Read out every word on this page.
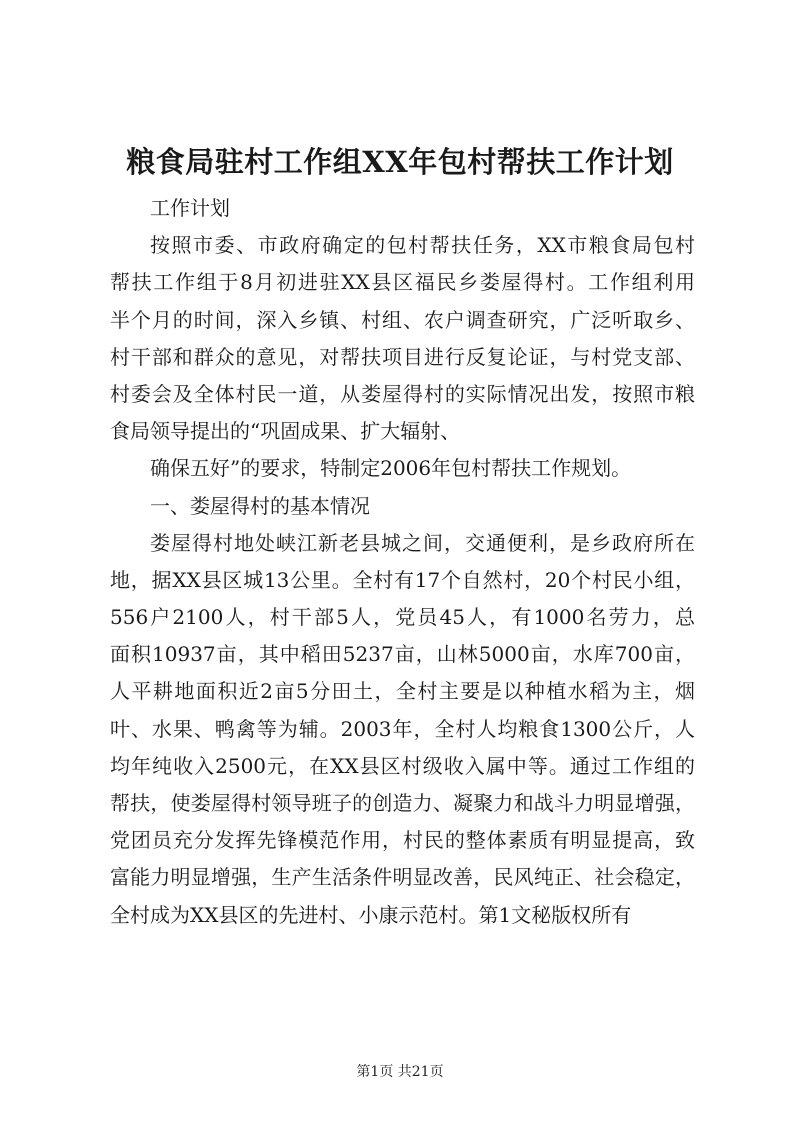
粮食局驻村工作组XX年包村帮扶工作计划
工作计划
按照市委、市政府确定的包村帮扶任务，XX市粮食局包村
帮扶工作组于8月初进驻XX县区福民乡娄屋得村。工作组利用
半个月的时间，深入乡镇、村组、农户调查研究，广泛听取乡、
村干部和群众的意见，对帮扶项目进行反复论证，与村党支部、
村委会及全体村民一道，从娄屋得村的实际情况出发，按照市粮
食局领导提出的“巩固成果、扩大辐射、
确保五好”的要求，特制定2006年包村帮扶工作规划。
一、娄屋得村的基本情况
娄屋得村地处峡江新老县城之间，交通便利，是乡政府所在
地，据XX县区城13公里。全村有17个自然村，20个村民小组，
556户2100人，村干部5人，党员45人，有1000名劳力，总
面积10937亩，其中稻田5237亩，山林5000亩，水库700亩，
人平耕地面积近2亩5分田土，全村主要是以种植水稻为主，烟
叶、水果、鸭禽等为辅。2003年，全村人均粮食1300公斤，人
均年纯收入2500元，在XX县区村级收入属中等。通过工作组的
帮扶，使娄屋得村领导班子的创造力、凝聚力和战斗力明显增强，
党团员充分发挥先锋模范作用，村民的整体素质有明显提高，致
富能力明显增强，生产生活条件明显改善，民风纯正、社会稳定，
全村成为XX县区的先进村、小康示范村。第1文秘版权所有
第1页 共21页
